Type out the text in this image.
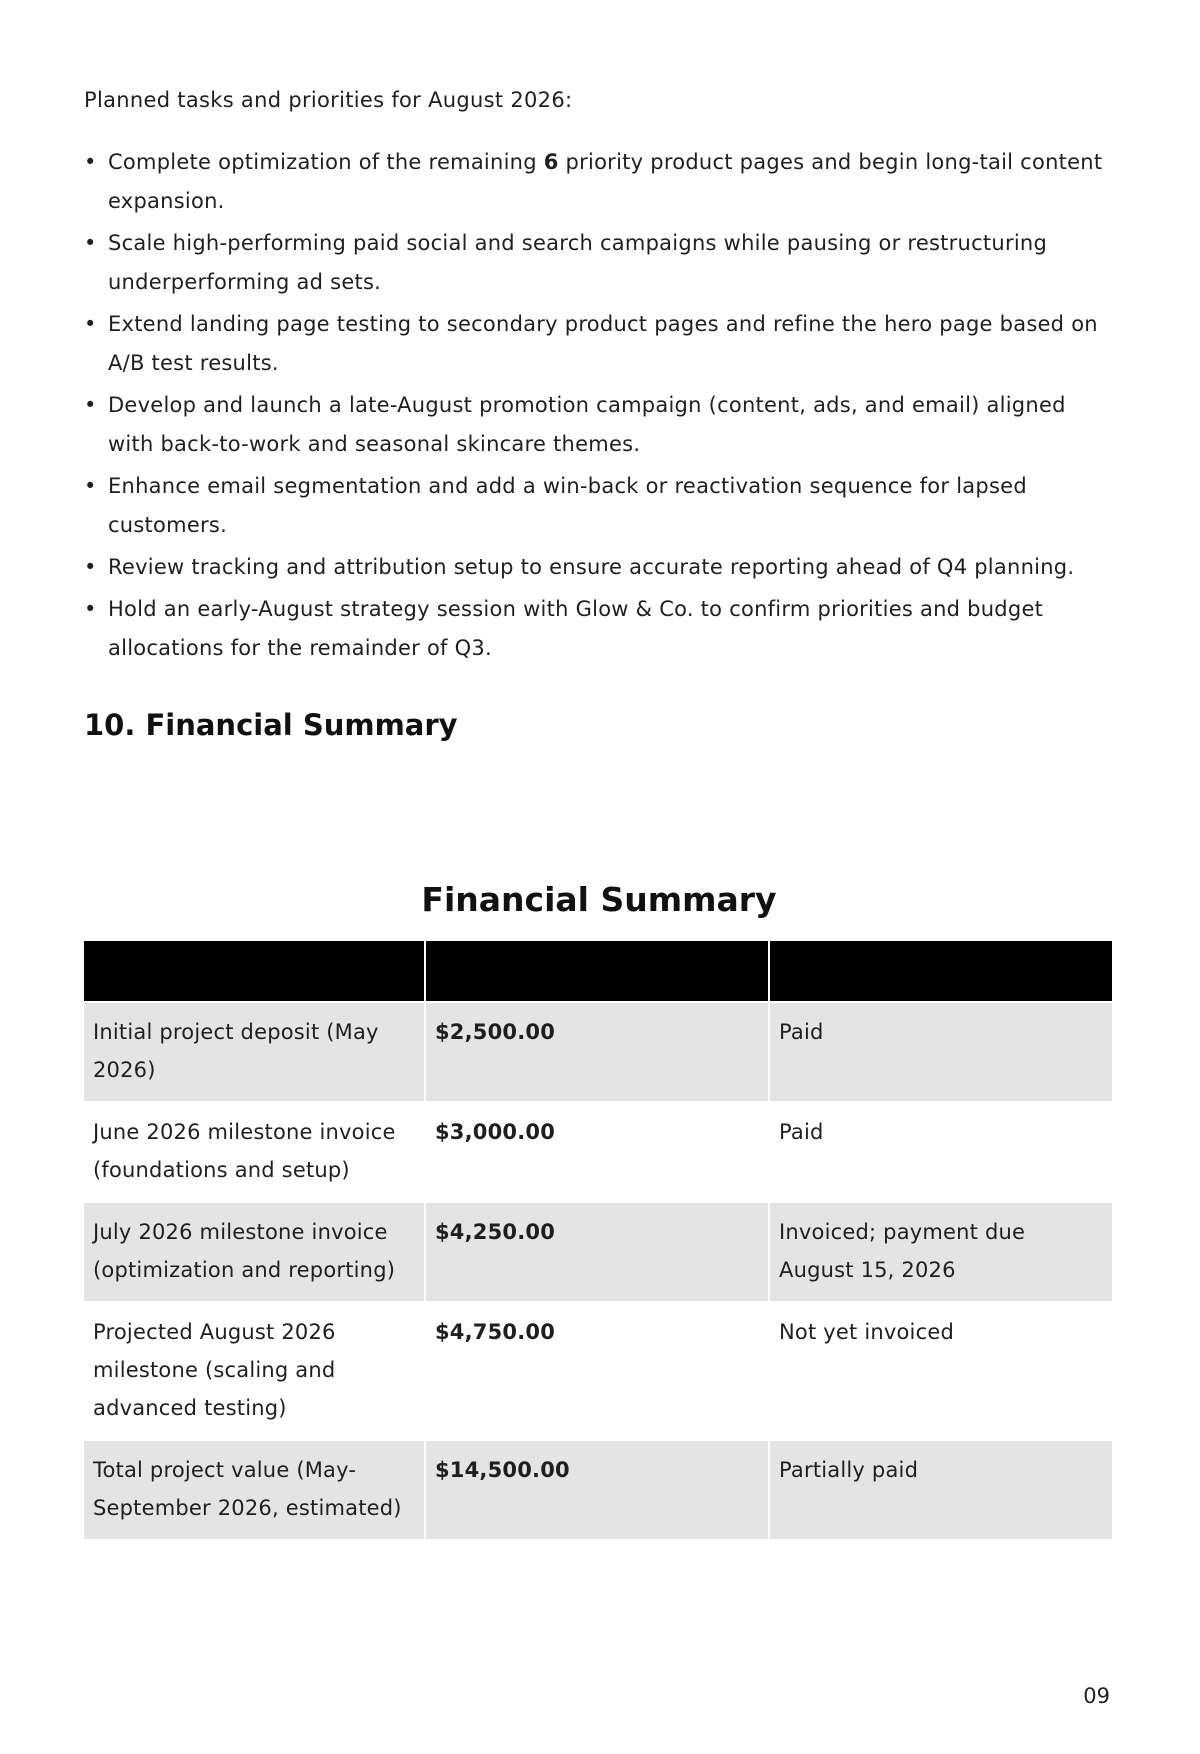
Planned tasks and priorities for August 2026:

• Complete optimization of the remaining 6 priority product pages and begin long-tail content expansion.
• Scale high-performing paid social and search campaigns while pausing or restructuring underperforming ad sets.
• Extend landing page testing to secondary product pages and refine the hero page based on A/B test results.
• Develop and launch a late-August promotion campaign (content, ads, and email) aligned with back-to-work and seasonal skincare themes.
• Enhance email segmentation and add a win-back or reactivation sequence for lapsed customers.
• Review tracking and attribution setup to ensure accurate reporting ahead of Q4 planning.
• Hold an early-August strategy session with Glow & Co. to confirm priorities and budget allocations for the remainder of Q3.
10. Financial Summary
Financial Summary

Initial project deposit (May 2026)	$2,500.00	Paid
June 2026 milestone invoice (foundations and setup)	$3,000.00	Paid
July 2026 milestone invoice (optimization and reporting)	$4,250.00	Invoiced; payment due August 15, 2026
Projected August 2026 milestone (scaling and advanced testing)	$4,750.00	Not yet invoiced
Total project value (May-September 2026, estimated)	$14,500.00	Partially paid
09
